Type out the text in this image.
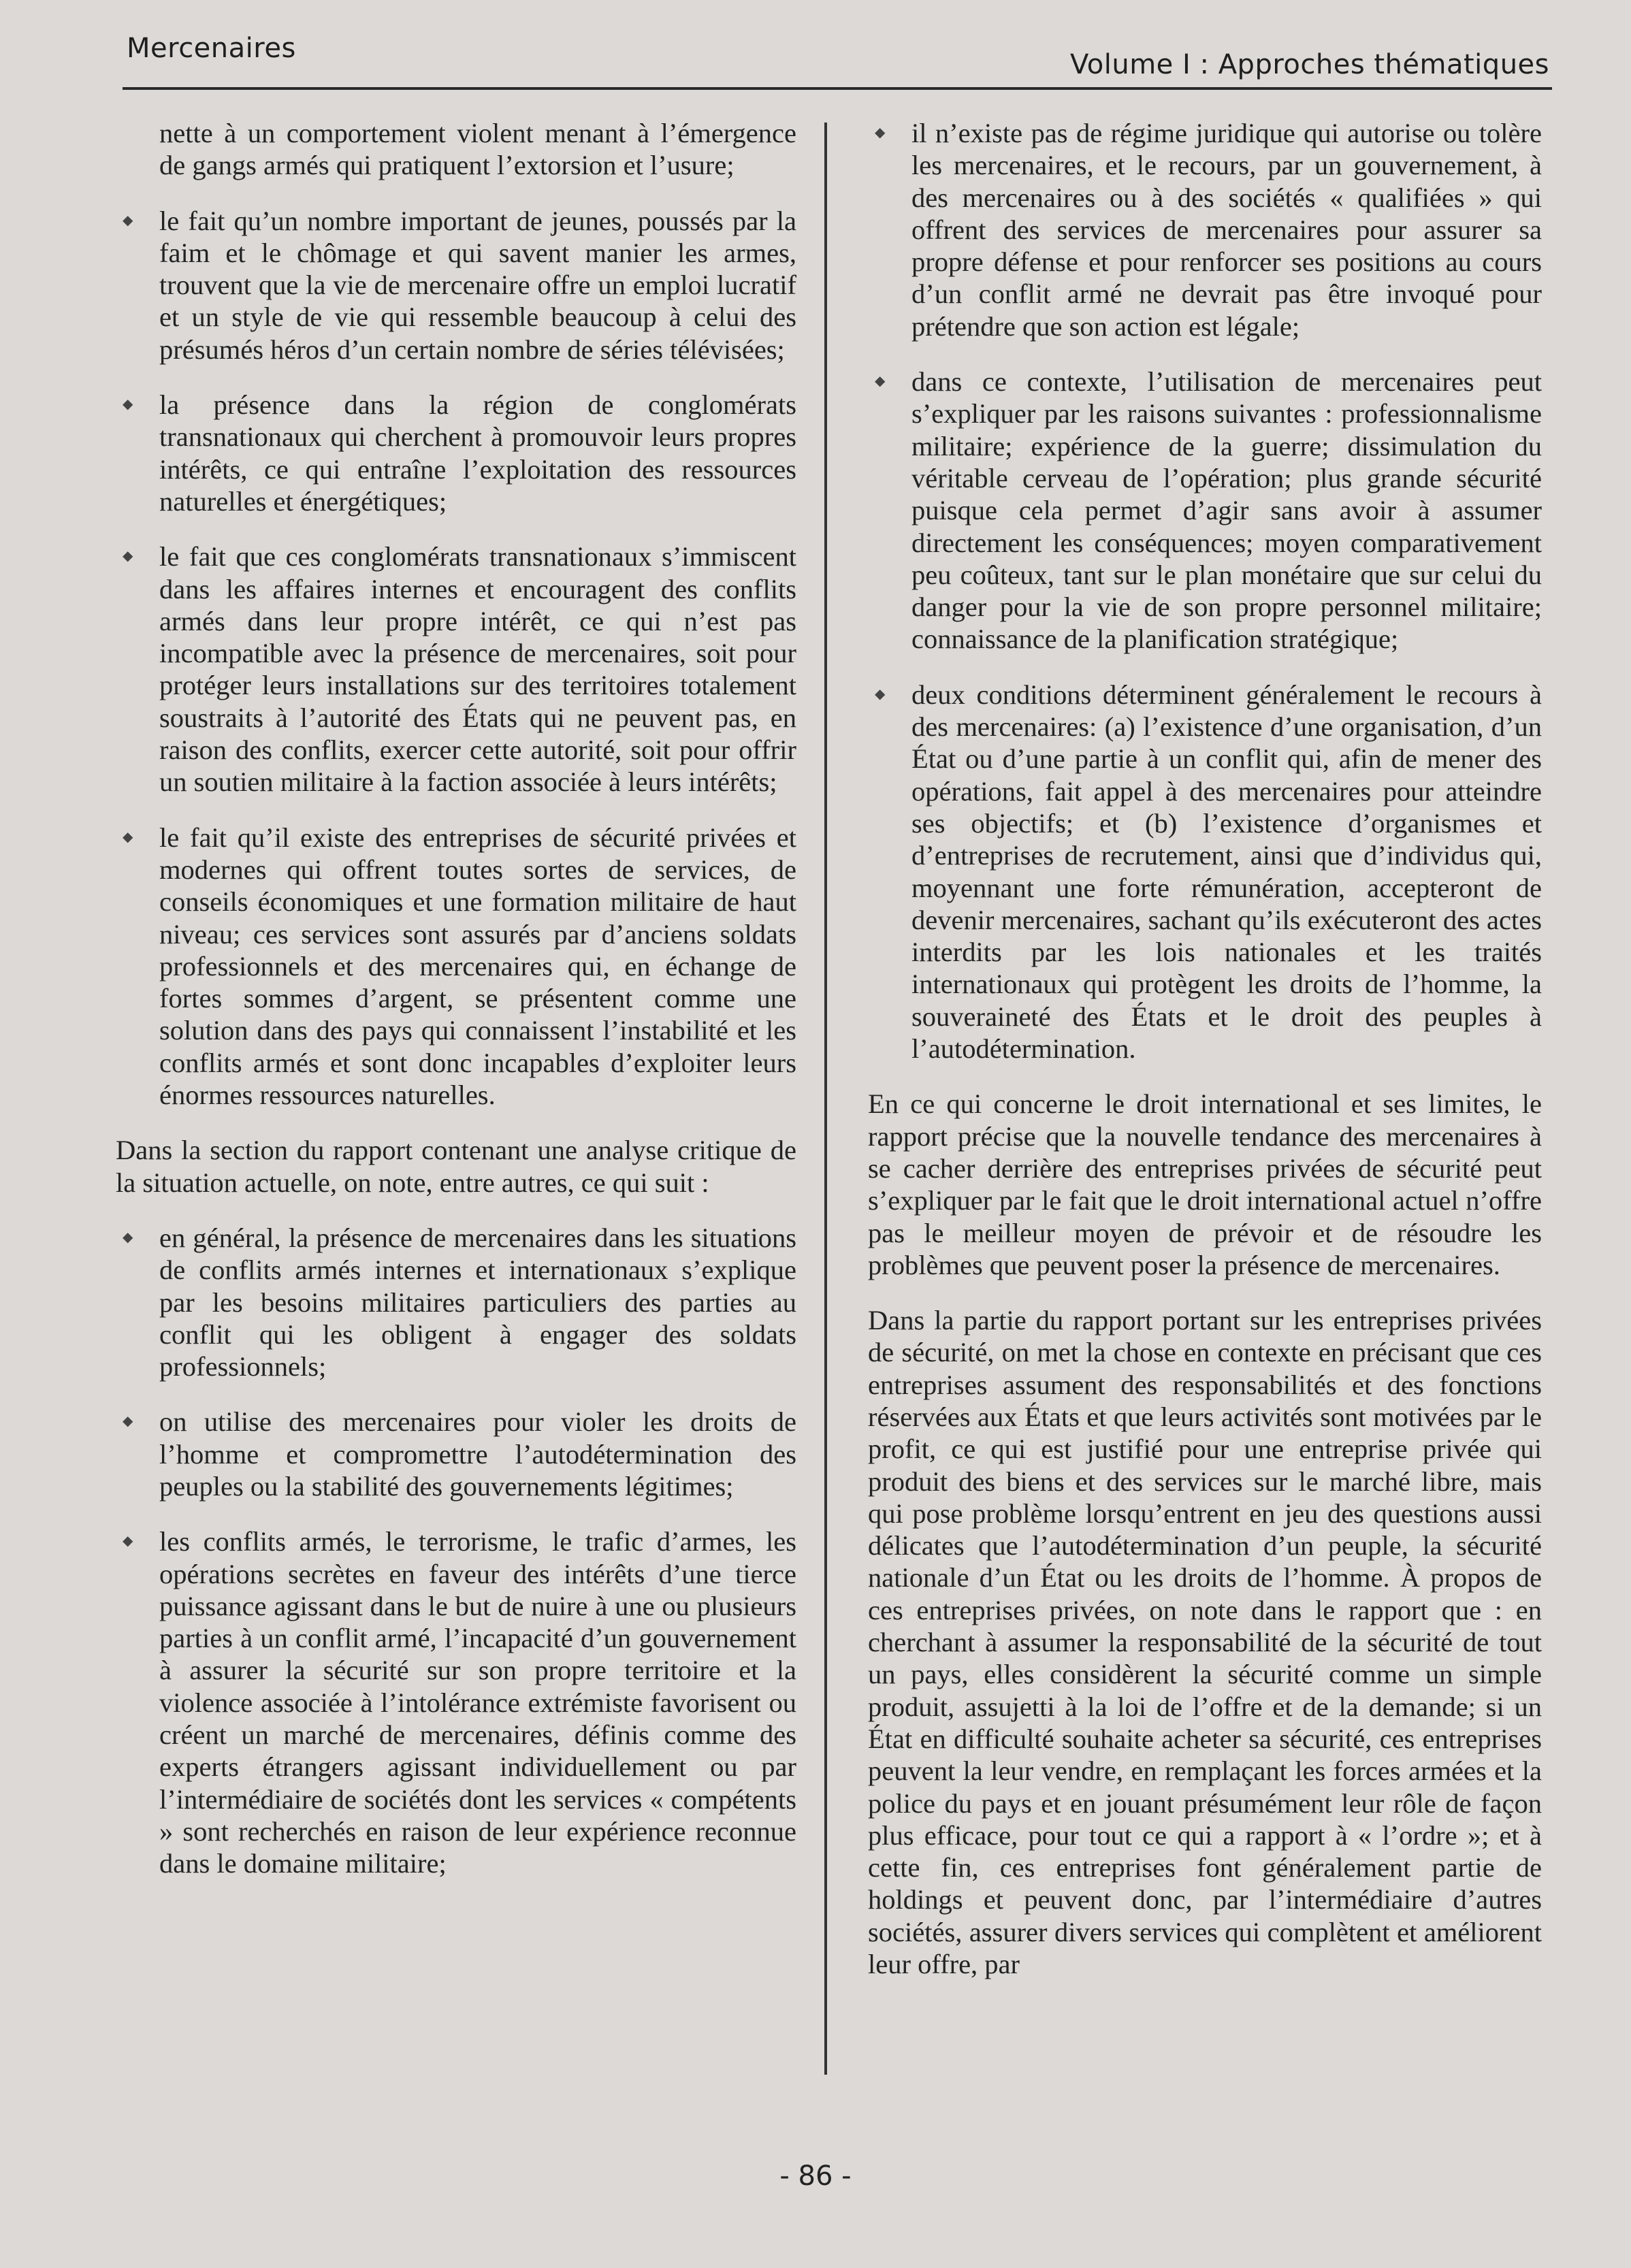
Mercenaires
Volume I : Approches thématiques
nette à un comportement violent menant à l’émergence de gangs armés qui pratiquent l’extorsion et l’usure;
◆ le fait qu’un nombre important de jeunes, poussés par la faim et le chômage et qui savent manier les armes, trouvent que la vie de mercenaire offre un emploi lucratif et un style de vie qui ressemble beaucoup à celui des présumés héros d’un certain nombre de séries télévisées;
◆ la présence dans la région de conglomérats transnationaux qui cherchent à promouvoir leurs propres intérêts, ce qui entraîne l’exploitation des ressources naturelles et énergétiques;
◆ le fait que ces conglomérats transnationaux s’immiscent dans les affaires internes et encouragent des conflits armés dans leur propre intérêt, ce qui n’est pas incompatible avec la présence de mercenaires, soit pour protéger leurs installations sur des territoires totalement soustraits à l’autorité des États qui ne peuvent pas, en raison des conflits, exercer cette autorité, soit pour offrir un soutien militaire à la faction associée à leurs intérêts;
◆ le fait qu’il existe des entreprises de sécurité privées et modernes qui offrent toutes sortes de services, de conseils économiques et une formation militaire de haut niveau; ces services sont assurés par d’anciens soldats professionnels et des mercenaires qui, en échange de fortes sommes d’argent, se présentent comme une solution dans des pays qui connaissent l’instabilité et les conflits armés et sont donc incapables d’exploiter leurs énormes ressources naturelles.

Dans la section du rapport contenant une analyse critique de la situation actuelle, on note, entre autres, ce qui suit :

◆ en général, la présence de mercenaires dans les situations de conflits armés internes et internationaux s’explique par les besoins militaires particuliers des parties au conflit qui les obligent à engager des soldats professionnels;
◆ on utilise des mercenaires pour violer les droits de l’homme et compromettre l’autodétermination des peuples ou la stabilité des gouvernements légitimes;
◆ les conflits armés, le terrorisme, le trafic d’armes, les opérations secrètes en faveur des intérêts d’une tierce puissance agissant dans le but de nuire à une ou plusieurs parties à un conflit armé, l’incapacité d’un gouvernement à assurer la sécurité sur son propre territoire et la violence associée à l’intolérance extrémiste favorisent ou créent un marché de mercenaires, définis comme des experts étrangers agissant individuellement ou par l’intermédiaire de sociétés dont les services « compétents » sont recherchés en raison de leur expérience reconnue dans le domaine militaire;
◆ il n’existe pas de régime juridique qui autorise ou tolère les mercenaires, et le recours, par un gouvernement, à des mercenaires ou à des sociétés « qualifiées » qui offrent des services de mercenaires pour assurer sa propre défense et pour renforcer ses positions au cours d’un conflit armé ne devrait pas être invoqué pour prétendre que son action est légale;
◆ dans ce contexte, l’utilisation de mercenaires peut s’expliquer par les raisons suivantes : professionnalisme militaire; expérience de la guerre; dissimulation du véritable cerveau de l’opération; plus grande sécurité puisque cela permet d’agir sans avoir à assumer directement les conséquences; moyen comparativement peu coûteux, tant sur le plan monétaire que sur celui du danger pour la vie de son propre personnel militaire; connaissance de la planification stratégique;
◆ deux conditions déterminent généralement le recours à des mercenaires: (a) l’existence d’une organisation, d’un État ou d’une partie à un conflit qui, afin de mener des opérations, fait appel à des mercenaires pour atteindre ses objectifs; et (b) l’existence d’organismes et d’entreprises de recrutement, ainsi que d’individus qui, moyennant une forte rémunération, accepteront de devenir mercenaires, sachant qu’ils exécuteront des actes interdits par les lois nationales et les traités internationaux qui protègent les droits de l’homme, la souveraineté des États et le droit des peuples à l’autodétermination.

En ce qui concerne le droit international et ses limites, le rapport précise que la nouvelle tendance des mercenaires à se cacher derrière des entreprises privées de sécurité peut s’expliquer par le fait que le droit international actuel n’offre pas le meilleur moyen de prévoir et de résoudre les problèmes que peuvent poser la présence de mercenaires.

Dans la partie du rapport portant sur les entreprises privées de sécurité, on met la chose en contexte en précisant que ces entreprises assument des responsabilités et des fonctions réservées aux États et que leurs activités sont motivées par le profit, ce qui est justifié pour une entreprise privée qui produit des biens et des services sur le marché libre, mais qui pose problème lorsqu’entrent en jeu des questions aussi délicates que l’autodétermination d’un peuple, la sécurité nationale d’un État ou les droits de l’homme. À propos de ces entreprises privées, on note dans le rapport que : en cherchant à assumer la responsabilité de la sécurité de tout un pays, elles considèrent la sécurité comme un simple produit, assujetti à la loi de l’offre et de la demande; si un État en difficulté souhaite acheter sa sécurité, ces entreprises peuvent la leur vendre, en remplaçant les forces armées et la police du pays et en jouant présumément leur rôle de façon plus efficace, pour tout ce qui a rapport à « l’ordre »; et à cette fin, ces entreprises font généralement partie de holdings et peuvent donc, par l’intermédiaire d’autres sociétés, assurer divers services qui complètent et améliorent leur offre, par

- 86 -
